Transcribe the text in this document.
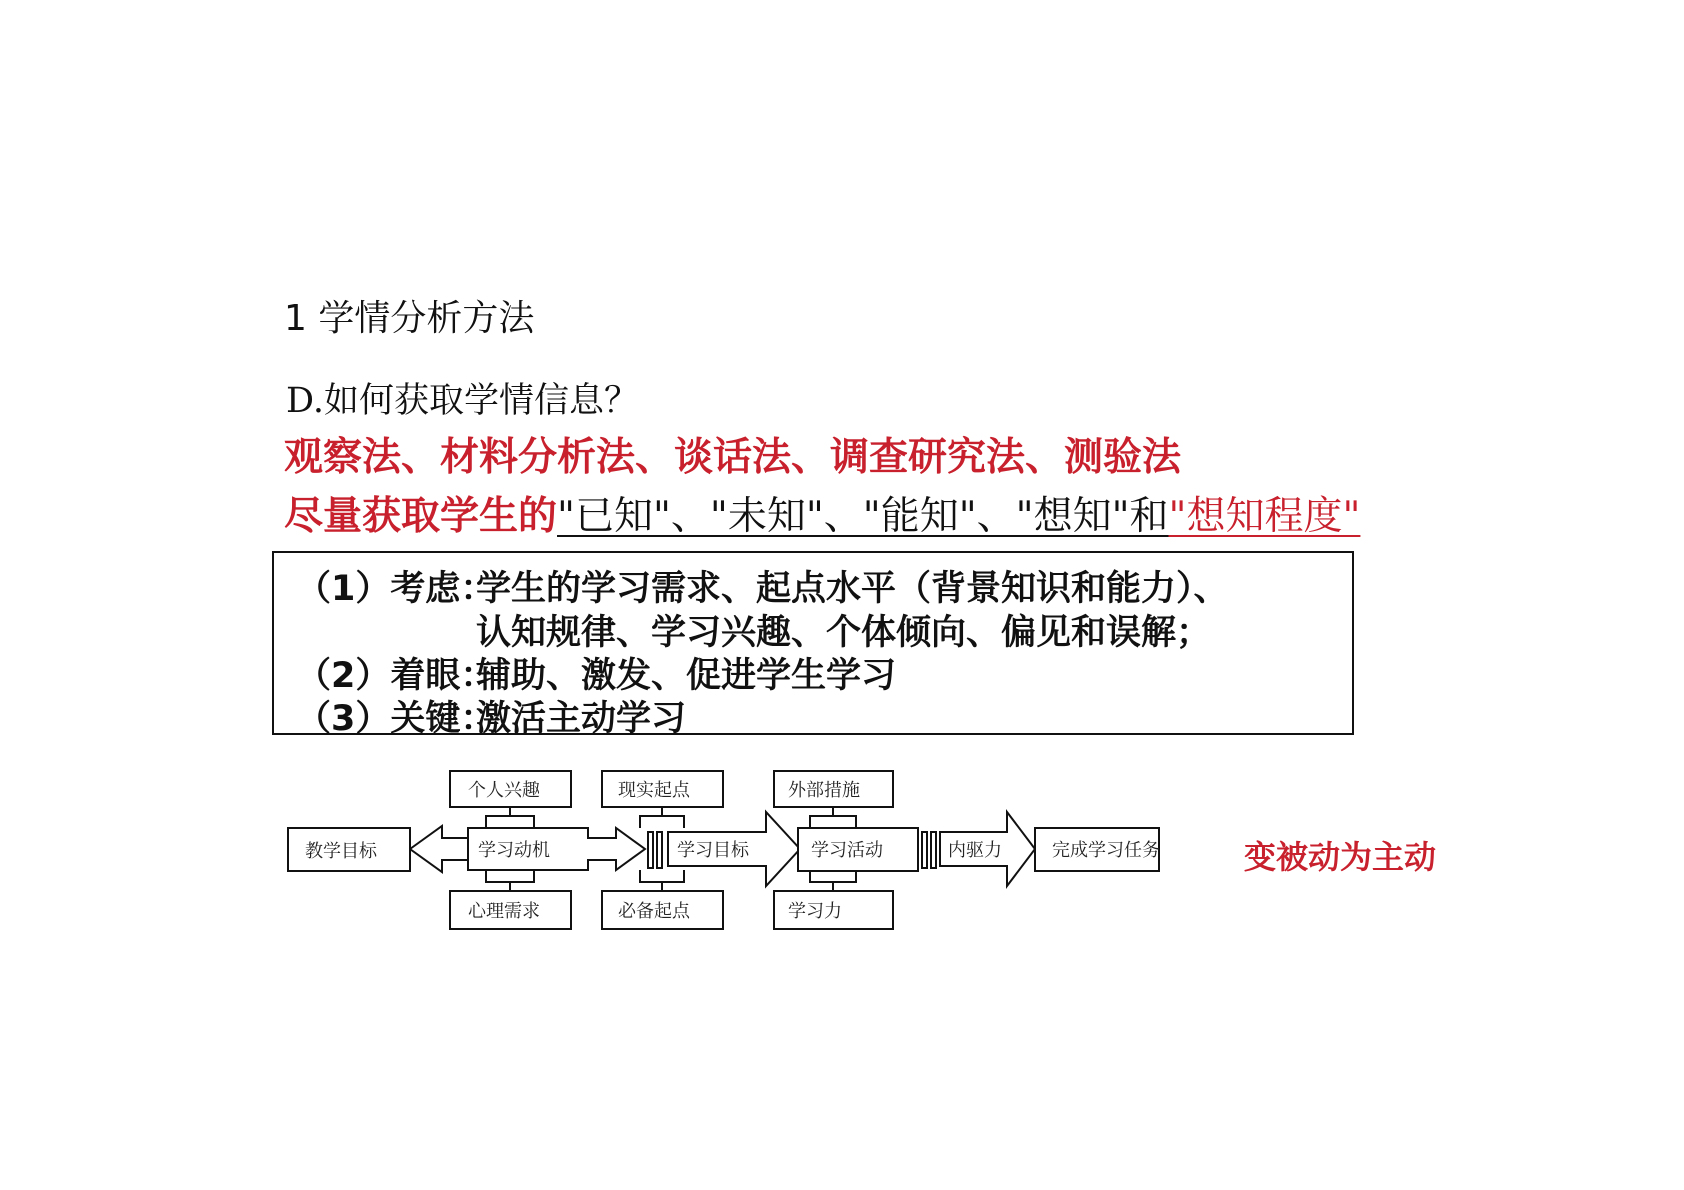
1 学情分析方法
D.如何获取学情信息？
观察法、材料分析法、谈话法、调查研究法、测验法
尽量获取学生的"已知"、"未知"、"能知"、"想知"和"想知程度"
（1）考虑：
学生的学习需求、起点水平（背景知识和能力）、
认知规律、学习兴趣、个体倾向、偏见和误解；
（2）着眼：
辅助、激发、促进学生学习
（3）关键：
激活主动学习
教学目标	学习动机	学习目标	学习活动	内驱力	完成学习任务
个人兴趣	现实起点	外部措施
心理需求	必备起点	学习力
变被动为主动
